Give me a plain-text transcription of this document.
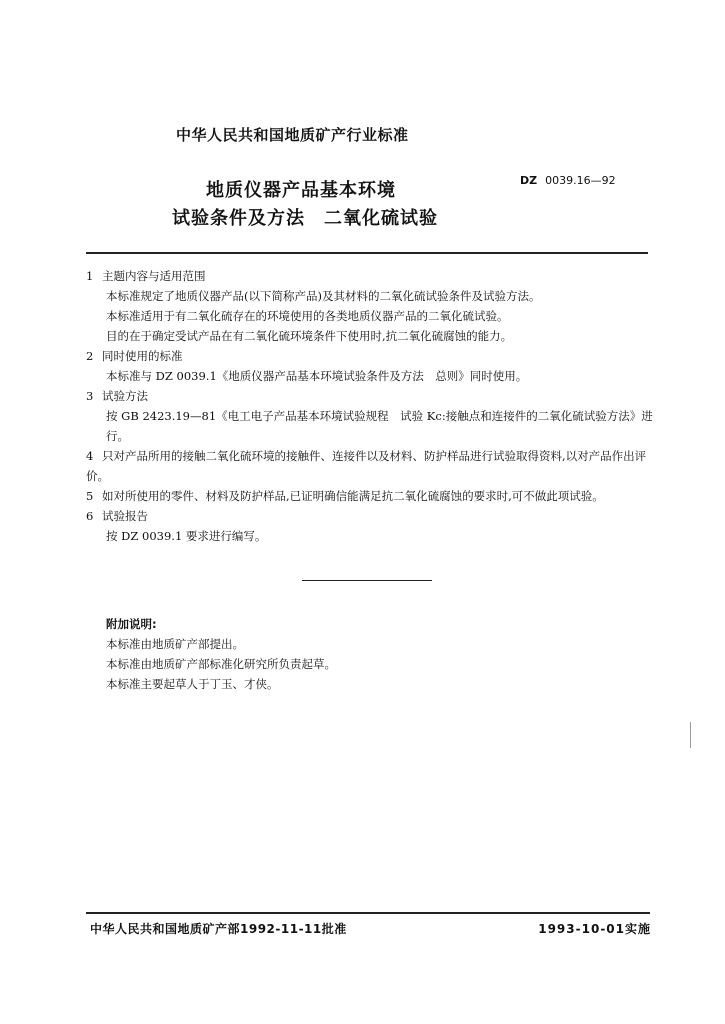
中华人民共和国地质矿产行业标准
地质仪器产品基本环境
试验条件及方法　二氧化硫试验
DZ 0039.16—92
1 主题内容与适用范围
本标准规定了地质仪器产品(以下简称产品)及其材料的二氧化硫试验条件及试验方法。
本标准适用于有二氧化硫存在的环境使用的各类地质仪器产品的二氧化硫试验。
目的在于确定受试产品在有二氧化硫环境条件下使用时,抗二氧化硫腐蚀的能力。
2 同时使用的标准
本标准与 DZ 0039.1《地质仪器产品基本环境试验条件及方法　总则》同时使用。
3 试验方法
按 GB 2423.19—81《电工电子产品基本环境试验规程　试验 Kc:接触点和连接件的二氧化硫试验方法》进行。
4 只对产品所用的接触二氧化硫环境的接触件、连接件以及材料、防护样品进行试验取得资料,以对产品作出评价。
5 如对所使用的零件、材料及防护样品,已证明确信能满足抗二氧化硫腐蚀的要求时,可不做此项试验。
6 试验报告
按 DZ 0039.1 要求进行编写。
附加说明:
本标准由地质矿产部提出。
本标准由地质矿产部标准化研究所负责起草。
本标准主要起草人于丁玉、才侠。
中华人民共和国地质矿产部1992-11-11批准	1993-10-01实施
